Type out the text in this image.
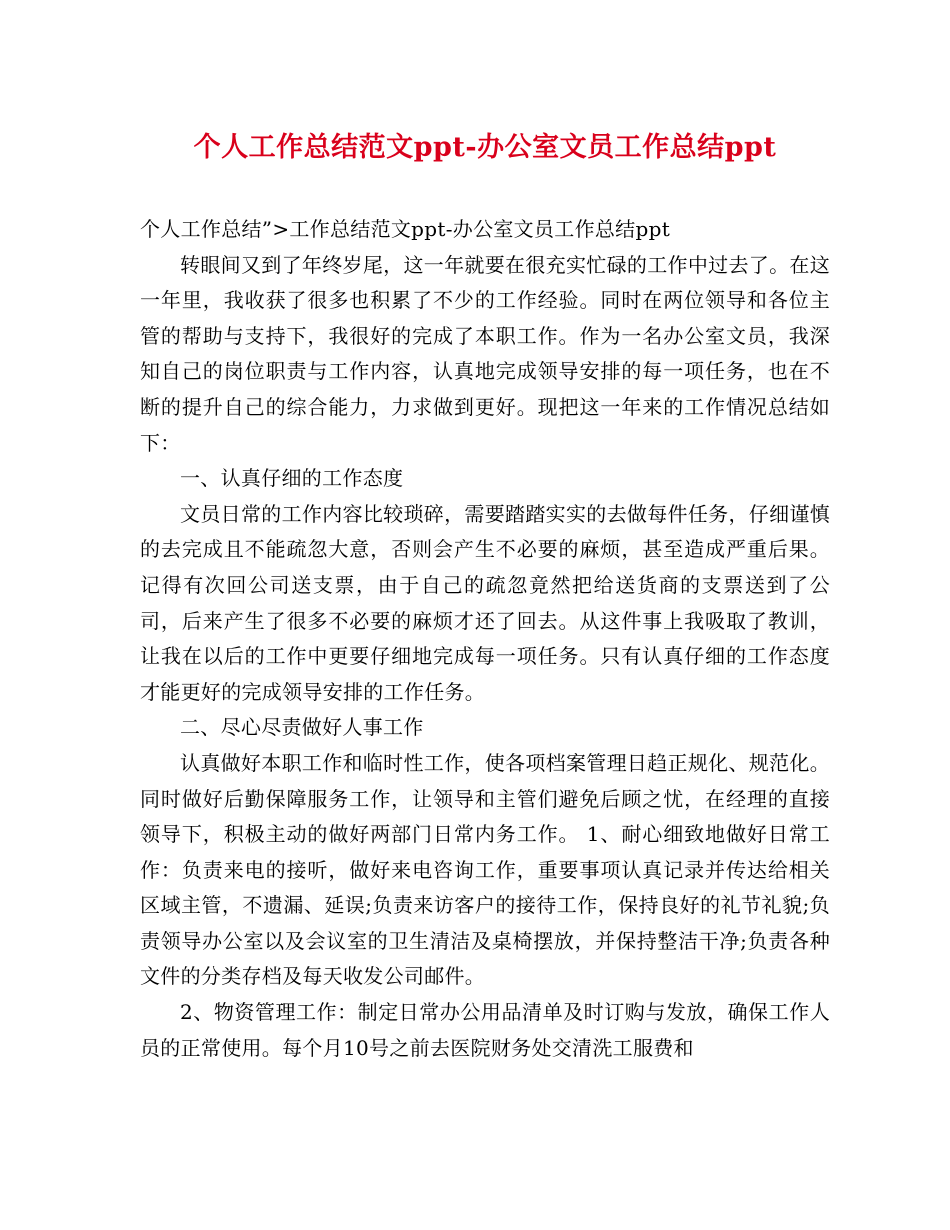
个人工作总结范文ppt-办公室文员工作总结ppt

个人工作总结”>工作总结范文ppt-办公室文员工作总结ppt

转眼间又到了年终岁尾，这一年就要在很充实忙碌的工作中过去了。在这一年里，我收获了很多也积累了不少的工作经验。同时在两位领导和各位主管的帮助与支持下，我很好的完成了本职工作。作为一名办公室文员，我深知自己的岗位职责与工作内容，认真地完成领导安排的每一项任务，也在不断的提升自己的综合能力，力求做到更好。现把这一年来的工作情况总结如下：

一、认真仔细的工作态度

文员日常的工作内容比较琐碎，需要踏踏实实的去做每件任务，仔细谨慎的去完成且不能疏忽大意，否则会产生不必要的麻烦，甚至造成严重后果。记得有次回公司送支票，由于自己的疏忽竟然把给送货商的支票送到了公司，后来产生了很多不必要的麻烦才还了回去。从这件事上我吸取了教训，让我在以后的工作中更要仔细地完成每一项任务。只有认真仔细的工作态度才能更好的完成领导安排的工作任务。

二、尽心尽责做好人事工作

认真做好本职工作和临时性工作，使各项档案管理日趋正规化、规范化。同时做好后勤保障服务工作，让领导和主管们避免后顾之忧，在经理的直接领导下，积极主动的做好两部门日常内务工作。 1、耐心细致地做好日常工作：负责来电的接听，做好来电咨询工作，重要事项认真记录并传达给相关区域主管，不遗漏、延误;负责来访客户的接待工作，保持良好的礼节礼貌;负责领导办公室以及会议室的卫生清洁及桌椅摆放，并保持整洁干净;负责各种文件的分类存档及每天收发公司邮件。

2、物资管理工作：制定日常办公用品清单及时订购与发放，确保工作人员的正常使用。每个月10号之前去医院财务处交清洗工服费和
